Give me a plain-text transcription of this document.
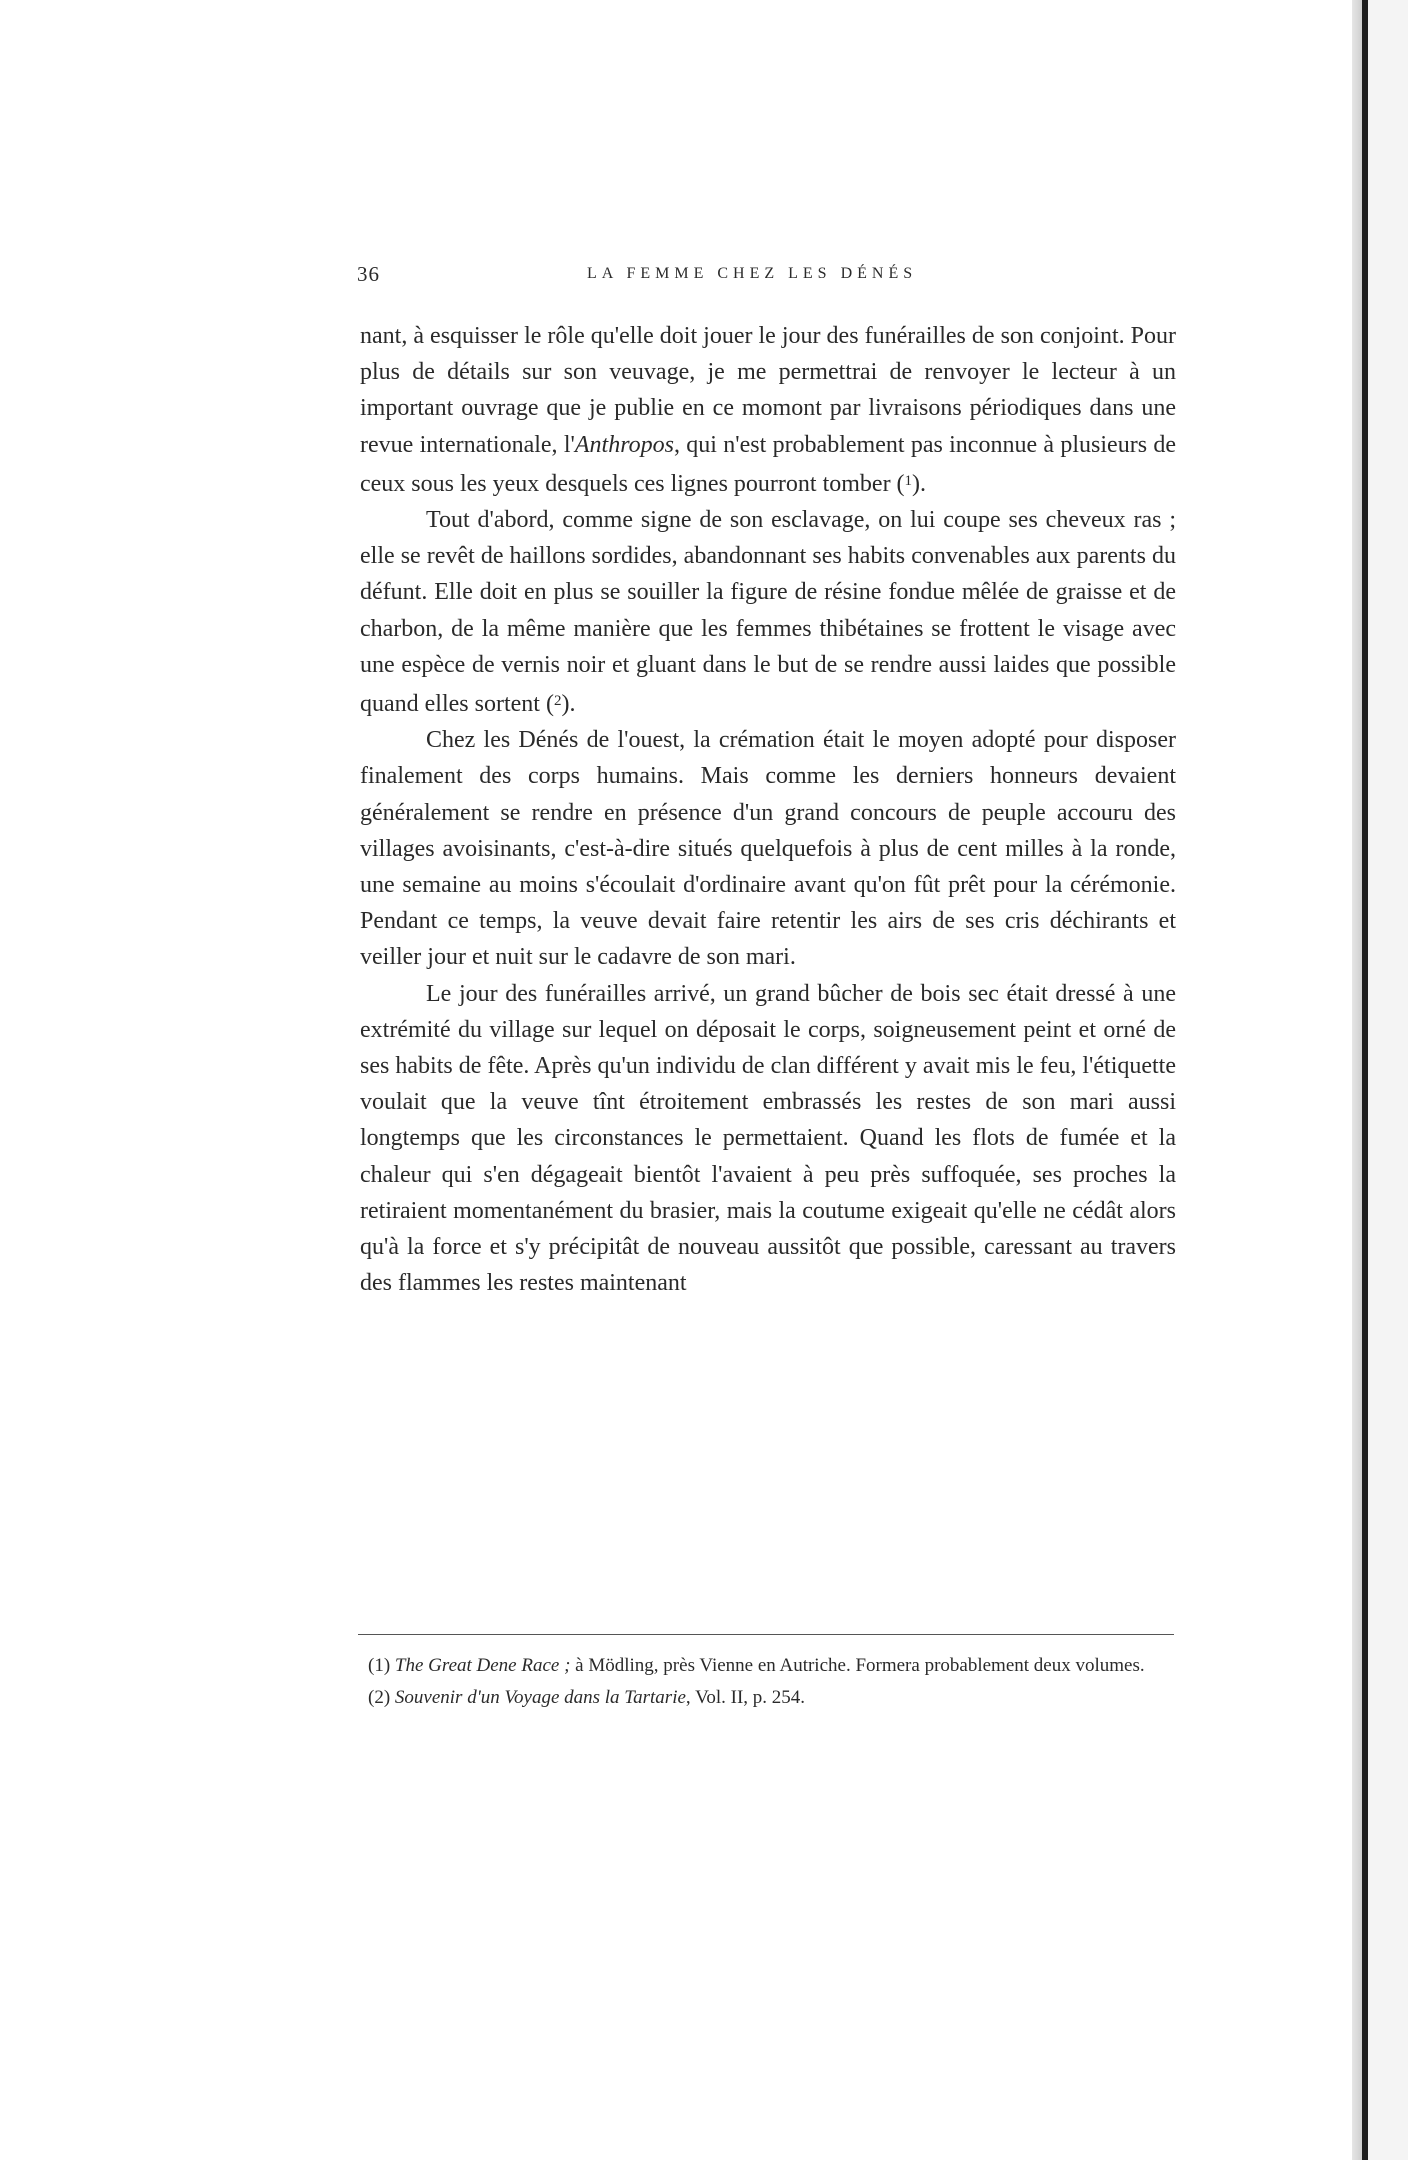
36	LA FEMME CHEZ LES DÉNÉS

nant, à esquisser le rôle qu'elle doit jouer le jour des funérailles de son conjoint. Pour plus de détails sur son veuvage, je me permettrai de renvoyer le lecteur à un important ouvrage que je publie en ce momont par livraisons périodiques dans une revue internationale, l'Anthropos, qui n'est probablement pas inconnue à plusieurs de ceux sous les yeux desquels ces lignes pourront tomber ($^1$).

Tout d'abord, comme signe de son esclavage, on lui coupe ses cheveux ras ; elle se revêt de haillons sordides, abandonnant ses habits convenables aux parents du défunt. Elle doit en plus se souiller la figure de résine fondue mêlée de graisse et de charbon, de la même manière que les femmes thibétaines se frottent le visage avec une espèce de vernis noir et gluant dans le but de se rendre aussi laides que possible quand elles sortent ($^2$).

Chez les Dénés de l'ouest, la crémation était le moyen adopté pour disposer finalement des corps humains. Mais comme les derniers honneurs devaient généralement se rendre en présence d'un grand concours de peuple accouru des villages avoisinants, c'est-à-dire situés quelquefois à plus de cent milles à la ronde, une semaine au moins s'écoulait d'ordinaire avant qu'on fût prêt pour la cérémonie. Pendant ce temps, la veuve devait faire retentir les airs de ses cris déchirants et veiller jour et nuit sur le cadavre de son mari.

Le jour des funérailles arrivé, un grand bûcher de bois sec était dressé à une extrémité du village sur lequel on déposait le corps, soigneusement peint et orné de ses habits de fête. Après qu'un individu de clan différent y avait mis le feu, l'étiquette voulait que la veuve tînt étroitement embrassés les restes de son mari aussi longtemps que les circonstances le permettaient. Quand les flots de fumée et la chaleur qui s'en dégageait bientôt l'avaient à peu près suffoquée, ses proches la retiraient momentanément du brasier, mais la coutume exigeait qu'elle ne cédât alors qu'à la force et s'y précipitât de nouveau aussitôt que possible, caressant au travers des flammes les restes maintenant

(1) The Great Dene Race ; à Mödling, près Vienne en Autriche. Formera probablement deux volumes.

(2) Souvenir d'un Voyage dans la Tartarie, Vol. II, p. 254.
